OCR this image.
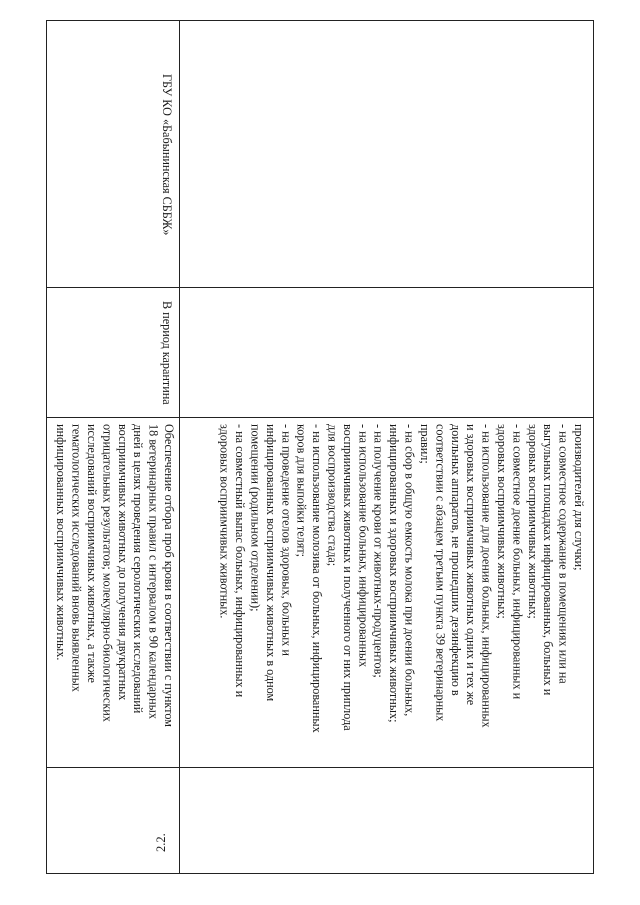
2.2.
производителей для случки;
- на совместное содержание в помещениях или на
выгульных площадках инфицированных, больных и
здоровых восприимчивых животных;
- на совместное доение больных, инфицированных и
здоровых восприимчивых животных;
- на использование для доения больных, инфицированных
и здоровых восприимчивых животных одних и тех же
доильных аппаратов, не прошедших дезинфекцию в
соответствии с абзацем третьим пункта 39 ветеринарных
правил;
- на сбор в общую емкость молока при доении больных,
инфицированных и здоровых восприимчивых животных;
- на получение крови от животных-продуцентов;
- на использование больных, инфицированных
восприимчивых животных и полученного от них приплода
для воспроизводства стада;
- на использование молозива от больных, инфицированных
коров для выпойки телят;
- на проведение отелов здоровых, больных и
инфицированных восприимчивых животных в одном
помещении (родильном отделении);
- на совместный выпас больных, инфицированных и
здоровых восприимчивых животных.
Обеспечение отбора проб крови в соответствии с пунктом
18 ветеринарных правил с интервалом в 90 календарных
дней в целях проведения серологических исследований
восприимчивых животных до получения двукратных
отрицательных результатов; молекулярно-биологических
исследований восприимчивых животных, а также
гематологических исследований вновь выявленных
инфицированных восприимчивых животных.
В период карантина
ГБУ КО «Бабынинская СББЖ»
